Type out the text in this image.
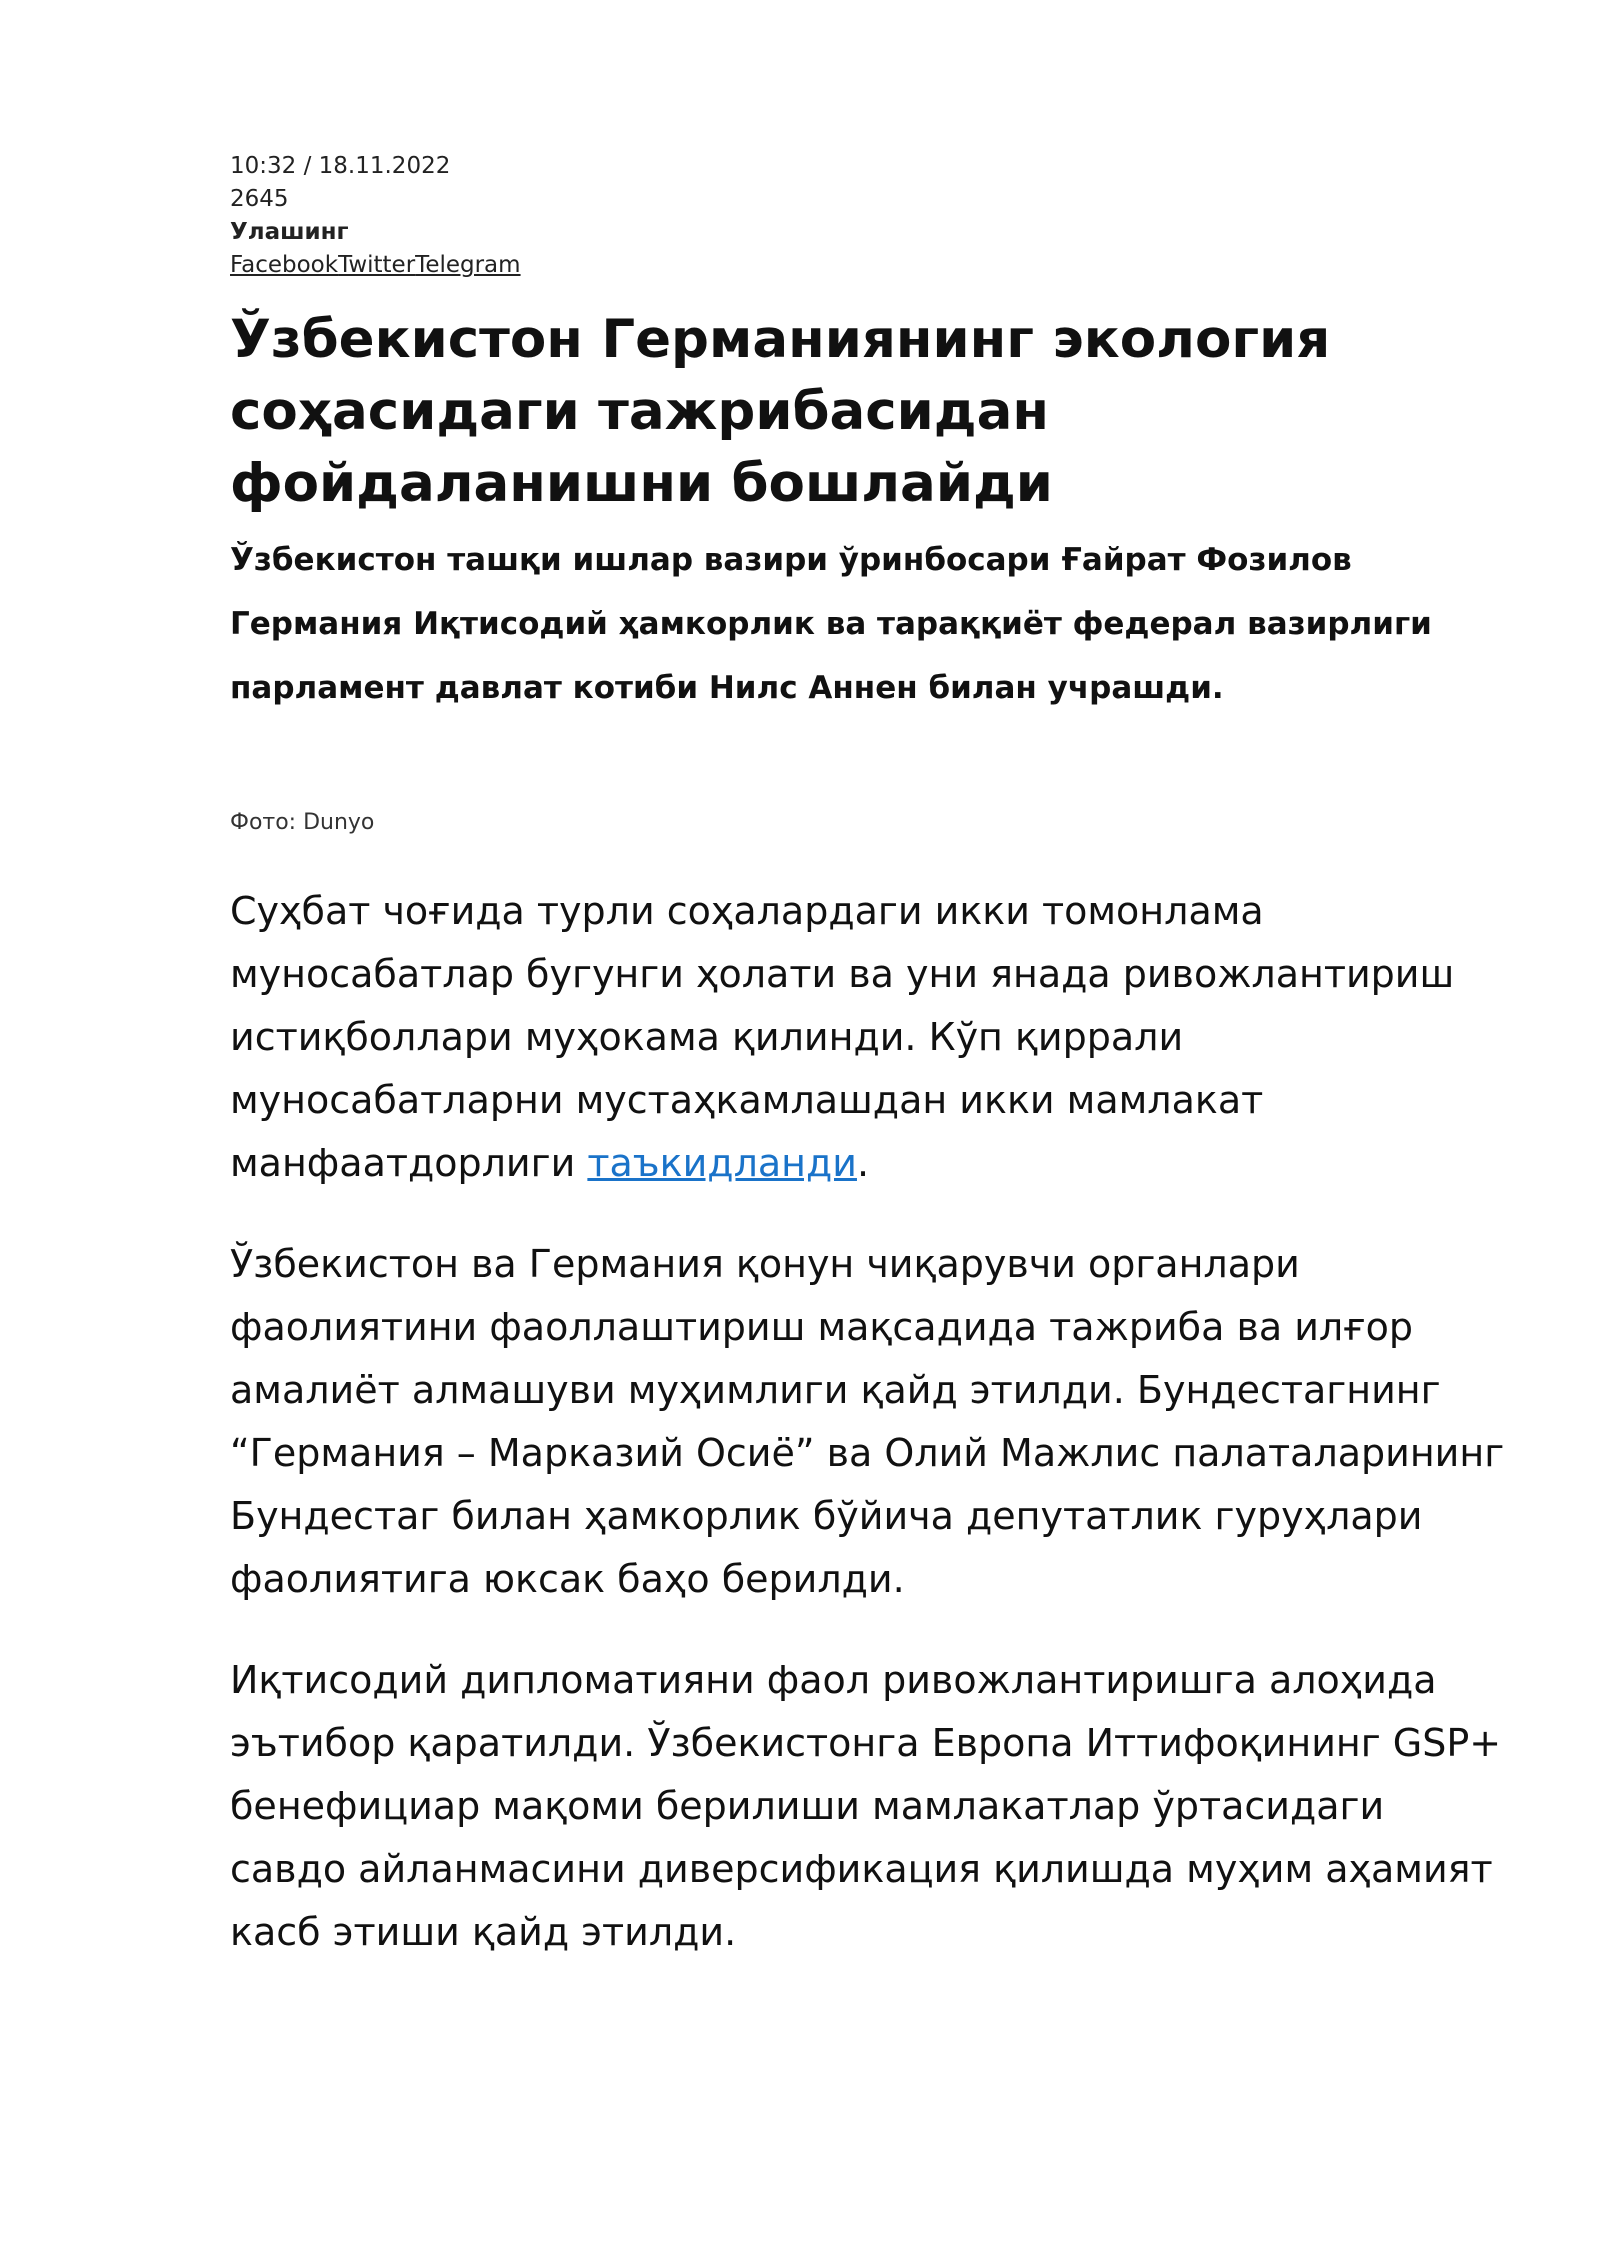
10:32 / 18.11.2022
2645
Улашинг
FacebookTwitterTelegram
Ўзбекистон Германиянинг экология соҳасидаги тажрибасидан фойдаланишни бошлайди
Ўзбекистон ташқи ишлар вазири ўринбосари Ғайрат Фозилов Германия Иқтисодий ҳамкорлик ва тараққиёт федерал вазирлиги парламент давлат котиби Нилс Аннен билан учрашди.
Фото: Dunyo

Суҳбат чоғида турли соҳалардаги икки томонлама муносабатлар бугунги ҳолати ва уни янада ривожлантириш истиқболлари муҳокама қилинди. Кўп қиррали муносабатларни мустаҳкамлашдан икки мамлакат манфаатдорлиги таъкидланди.

Ўзбекистон ва Германия қонун чиқарувчи органлари фаолиятини фаоллаштириш мақсадида тажриба ва илғор амалиёт алмашуви муҳимлиги қайд этилди. Бундестагнинг “Германия – Марказий Осиё” ва Олий Мажлис палаталарининг Бундестаг билан ҳамкорлик бўйича депутатлик гуруҳлари фаолиятига юксак баҳо берилди.

Иқтисодий дипломатияни фаол ривожлантиришга алоҳида эътибор қаратилди. Ўзбекистонга Европа Иттифоқининг GSP+ бенефициар мақоми берилиши мамлакатлар ўртасидаги савдо айланмасини диверсификация қилишда муҳим аҳамият касб этиши қайд этилди.
